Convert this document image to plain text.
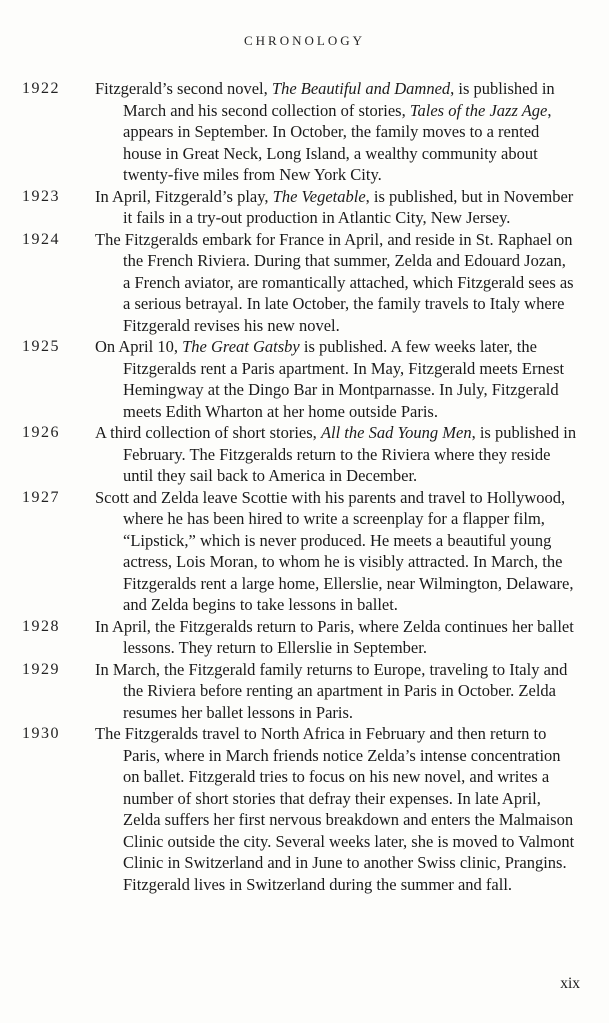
CHRONOLOGY
1922	Fitzgerald’s second novel, The Beautiful and Damned, is published in March and his second collection of stories, Tales of the Jazz Age, appears in September. In October, the family moves to a rented house in Great Neck, Long Island, a wealthy community about twenty-five miles from New York City.

1923	In April, Fitzgerald’s play, The Vegetable, is published, but in November it fails in a try-out production in Atlantic City, New Jersey.

1924	The Fitzgeralds embark for France in April, and reside in St. Raphael on the French Riviera. During that summer, Zelda and Edouard Jozan, a French aviator, are romantically attached, which Fitzgerald sees as a serious betrayal. In late October, the family travels to Italy where Fitzgerald revises his new novel.

1925	On April 10, The Great Gatsby is published. A few weeks later, the Fitzgeralds rent a Paris apartment. In May, Fitzgerald meets Ernest Hemingway at the Dingo Bar in Montparnasse. In July, Fitzgerald meets Edith Wharton at her home outside Paris.

1926	A third collection of short stories, All the Sad Young Men, is published in February. The Fitzgeralds return to the Riviera where they reside until they sail back to America in December.

1927	Scott and Zelda leave Scottie with his parents and travel to Hollywood, where he has been hired to write a screenplay for a flapper film, “Lipstick,” which is never produced. He meets a beautiful young actress, Lois Moran, to whom he is visibly attracted. In March, the Fitzgeralds rent a large home, Ellerslie, near Wilmington, Delaware, and Zelda begins to take lessons in ballet.

1928	In April, the Fitzgeralds return to Paris, where Zelda continues her ballet lessons. They return to Ellerslie in September.

1929	In March, the Fitzgerald family returns to Europe, traveling to Italy and the Riviera before renting an apartment in Paris in October. Zelda resumes her ballet lessons in Paris.

1930	The Fitzgeralds travel to North Africa in February and then return to Paris, where in March friends notice Zelda’s intense concentration on ballet. Fitzgerald tries to focus on his new novel, and writes a number of short stories that defray their expenses. In late April, Zelda suffers her first nervous breakdown and enters the Malmaison Clinic outside the city. Several weeks later, she is moved to Valmont Clinic in Switzerland and in June to another Swiss clinic, Prangins. Fitzgerald lives in Switzerland during the summer and fall.

xix
